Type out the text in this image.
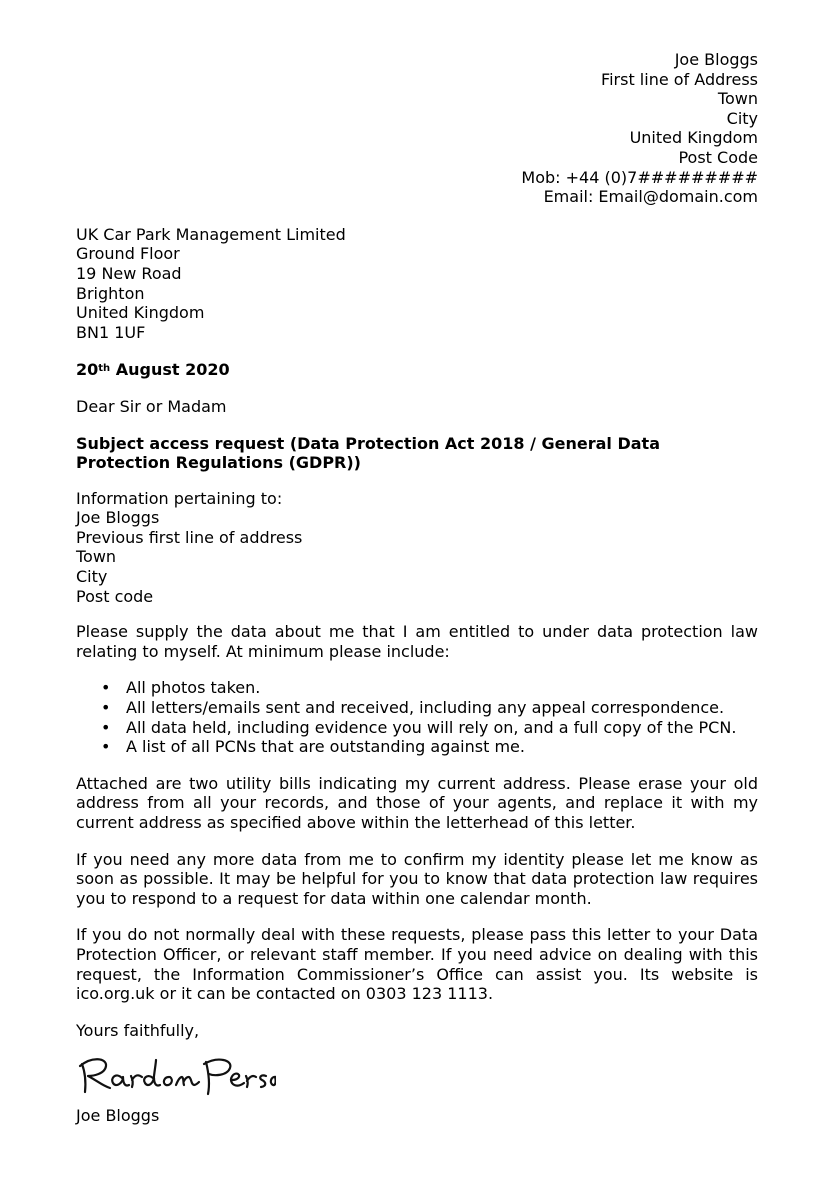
Joe Bloggs
First line of Address
Town
City
United Kingdom
Post Code
Mob: +44 (0)7#########
Email: Email@domain.com
UK Car Park Management Limited
Ground Floor
19 New Road
Brighton
United Kingdom
BN1 1UF
20th August 2020
Dear Sir or Madam
Subject access request (Data Protection Act 2018 / General Data Protection Regulations (GDPR))
Information pertaining to:
Joe Bloggs
Previous first line of address
Town
City
Post code

Please supply the data about me that I am entitled to under data protection law relating to myself. At minimum please include:

• All photos taken.
• All letters/emails sent and received, including any appeal correspondence.
• All data held, including evidence you will rely on, and a full copy of the PCN.
• A list of all PCNs that are outstanding against me.

Attached are two utility bills indicating my current address. Please erase your old address from all your records, and those of your agents, and replace it with my current address as specified above within the letterhead of this letter.

If you need any more data from me to confirm my identity please let me know as soon as possible. It may be helpful for you to know that data protection law requires you to respond to a request for data within one calendar month.

If you do not normally deal with these requests, please pass this letter to your Data Protection Officer, or relevant staff member. If you need advice on dealing with this request, the Information Commissioner’s Office can assist you. Its website is ico.org.uk or it can be contacted on 0303 123 1113.

Yours faithfully,
Joe Bloggs
